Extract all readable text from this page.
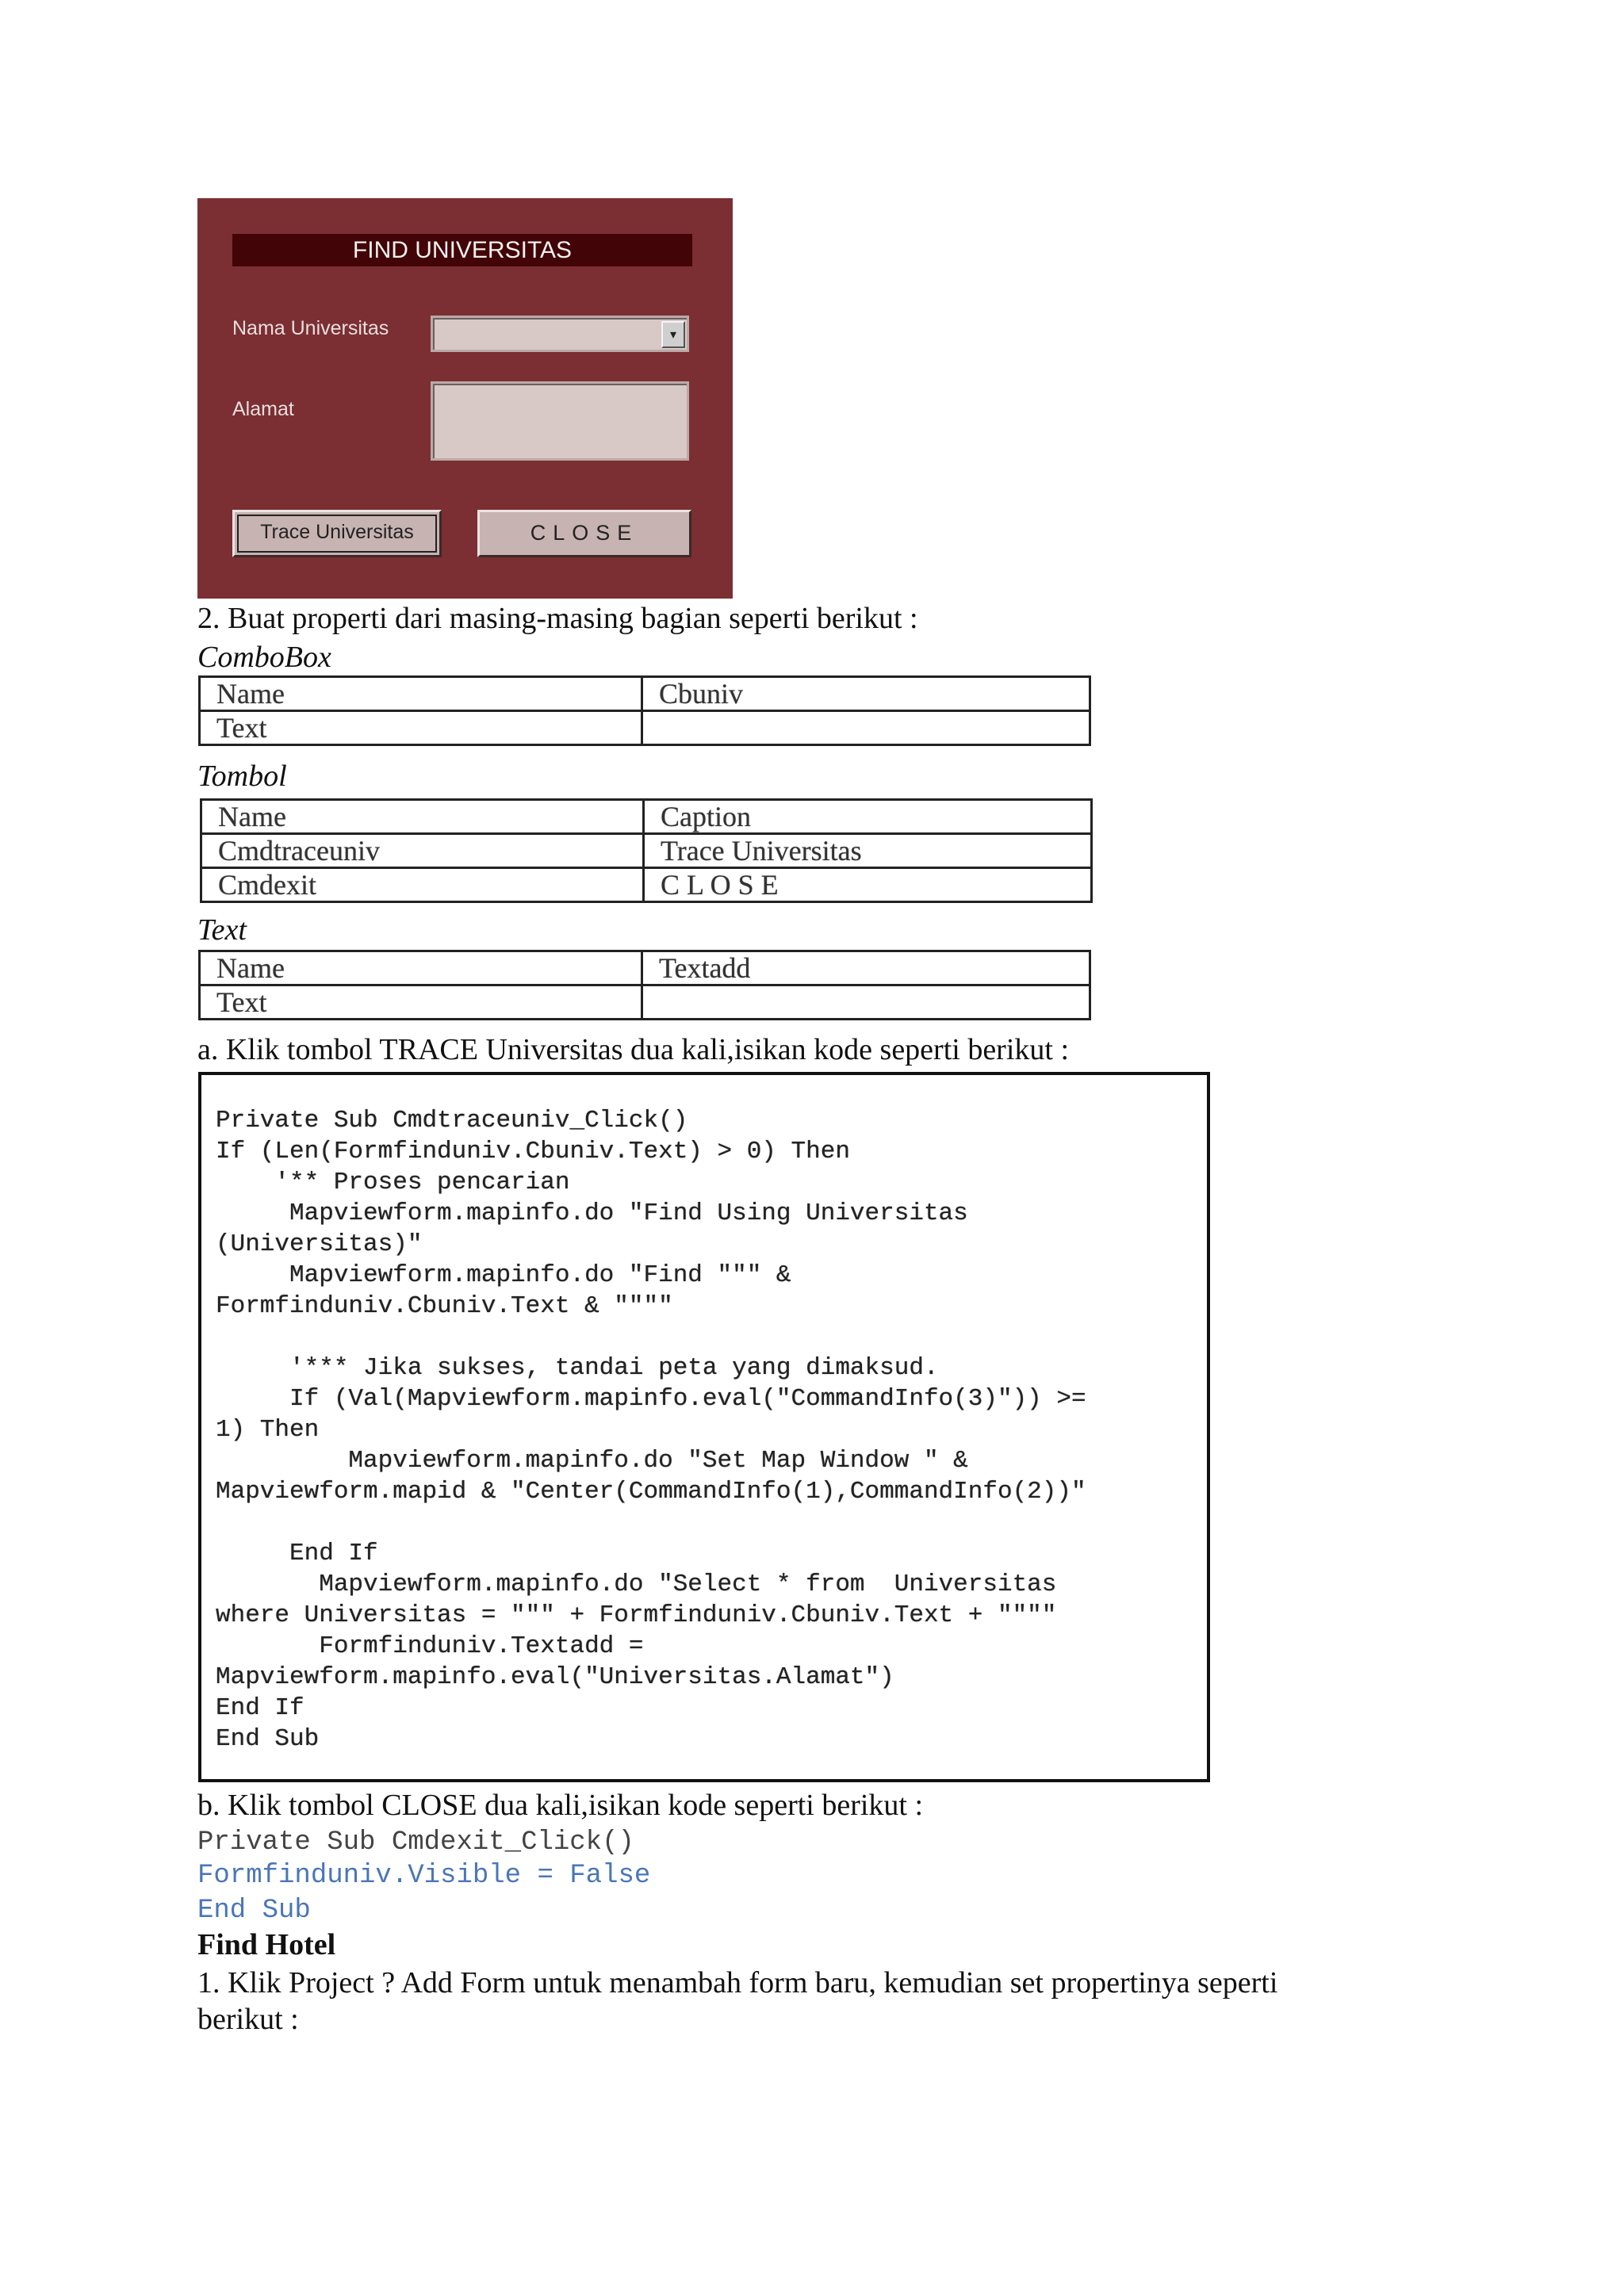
FIND UNIVERSITAS
Nama Universitas	▾
Alamat
Trace Universitas	CLOSE
2. Buat properti dari masing-masing bagian seperti berikut :
ComboBox
Name	Cbuniv
Text	
Tombol
Name	Caption
Cmdtraceuniv	Trace Universitas
Cmdexit	C L O S E
Text
Name	Textadd
Text	
a. Klik tombol TRACE Universitas dua kali,isikan kode seperti berikut :
Private Sub Cmdtraceuniv_Click()
If (Len(Formfinduniv.Cbuniv.Text) > 0) Then
'** Proses pencarian
Mapviewform.mapinfo.do "Find Using Universitas
(Universitas)"
Mapviewform.mapinfo.do "Find """ &
Formfinduniv.Cbuniv.Text & """"

'*** Jika sukses, tandai peta yang dimaksud.
If (Val(Mapviewform.mapinfo.eval("CommandInfo(3)")) >=
1) Then
Mapviewform.mapinfo.do "Set Map Window " &
Mapviewform.mapid & "Center(CommandInfo(1),CommandInfo(2))"

End If
Mapviewform.mapinfo.do "Select * from  Universitas
where Universitas = """ + Formfinduniv.Cbuniv.Text + """"
Formfinduniv.Textadd =
Mapviewform.mapinfo.eval("Universitas.Alamat")
End If
End Sub
b. Klik tombol CLOSE dua kali,isikan kode seperti berikut :
Private Sub Cmdexit_Click()
Formfinduniv.Visible = False
End Sub
Find Hotel
1. Klik Project ? Add Form untuk menambah form baru, kemudian set propertinya seperti
berikut :
